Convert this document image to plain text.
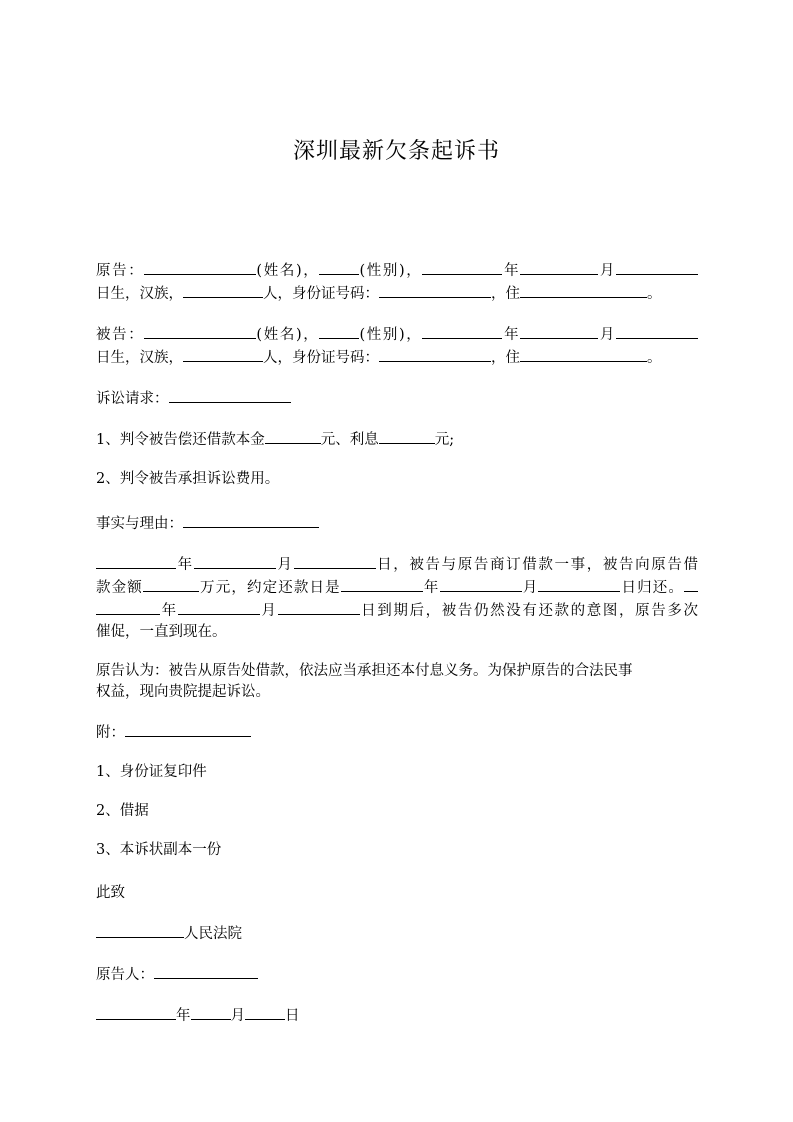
深圳最新欠条起诉书
原告：	(姓名)，	(性别)，	年	月
日生，汉族，	人，身份证号码：	，住	。
被告：	(姓名)，	(性别)，	年	月
日生，汉族，	人，身份证号码：	，住	。
诉讼请求：
1、判令被告偿还借款本金	元、利息	元;
2、判令被告承担诉讼费用。
事实与理由：
年	月	日，被告与原告商订借款一事，被告向原告借
款金额	万元，约定还款日是	年	月	日归还。
年	月	日到期后，被告仍然没有还款的意图，原告多次
催促，一直到现在。
原告认为：被告从原告处借款，依法应当承担还本付息义务。为保护原告的合法民事
权益，现向贵院提起诉讼。
附：
1、身份证复印件
2、借据
3、本诉状副本一份
此致
人民法院
原告人：
年	月	日
